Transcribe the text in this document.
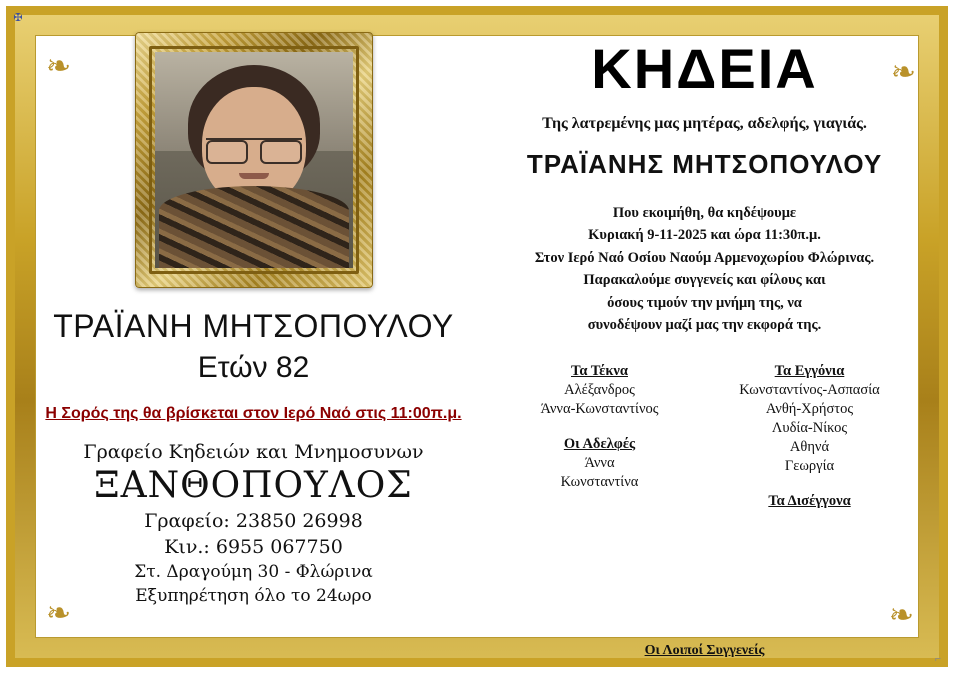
✠
⌐
❧
❧
ΤΡΑΪΑΝΗ ΜΗΤΣΟΠΟΥΛΟΥ
Ετών 82
Η Σορός της θα βρίσκεται στον Ιερό Ναό στις 11:00π.μ.
Γραφείο Κηδειών και Μνημοσυνων
ΞΑΝΘΟΠΟΥΛΟΣ
Γραφείο: 23850 26998
Κιν.: 6955 067750
Στ. Δραγούμη 30 - Φλώρινα
Εξυπηρέτηση όλο το 24ωρο
❧
❧
ΚΗΔΕΙΑ
Της λατρεμένης μας μητέρας, αδελφής, γιαγιάς.
ΤΡΑΪΑΝΗΣ ΜΗΤΣΟΠΟΥΛΟΥ
Που εκοιμήθη, θα κηδέψουμε
Κυριακή 9-11-2025 και ώρα 11:30π.μ.
Στον Ιερό Ναό Οσίου Ναούμ Αρμενοχωρίου Φλώρινας.
Παρακαλούμε συγγενείς και φίλους και
όσους τιμούν την μνήμη της, να
συνοδέψουν μαζί μας την εκφορά της.
Τα Τέκνα
Αλέξανδρος
Άννα-Κωνσταντίνος
Οι Αδελφές
Άννα
Κωνσταντίνα
Τα Εγγόνια
Κωνσταντίνος-Ασπασία
Ανθή-Χρήστος
Λυδία-Νίκος
Αθηνά
Γεωργία
Τα Δισέγγονα
Οι Λοιποί Συγγενείς
